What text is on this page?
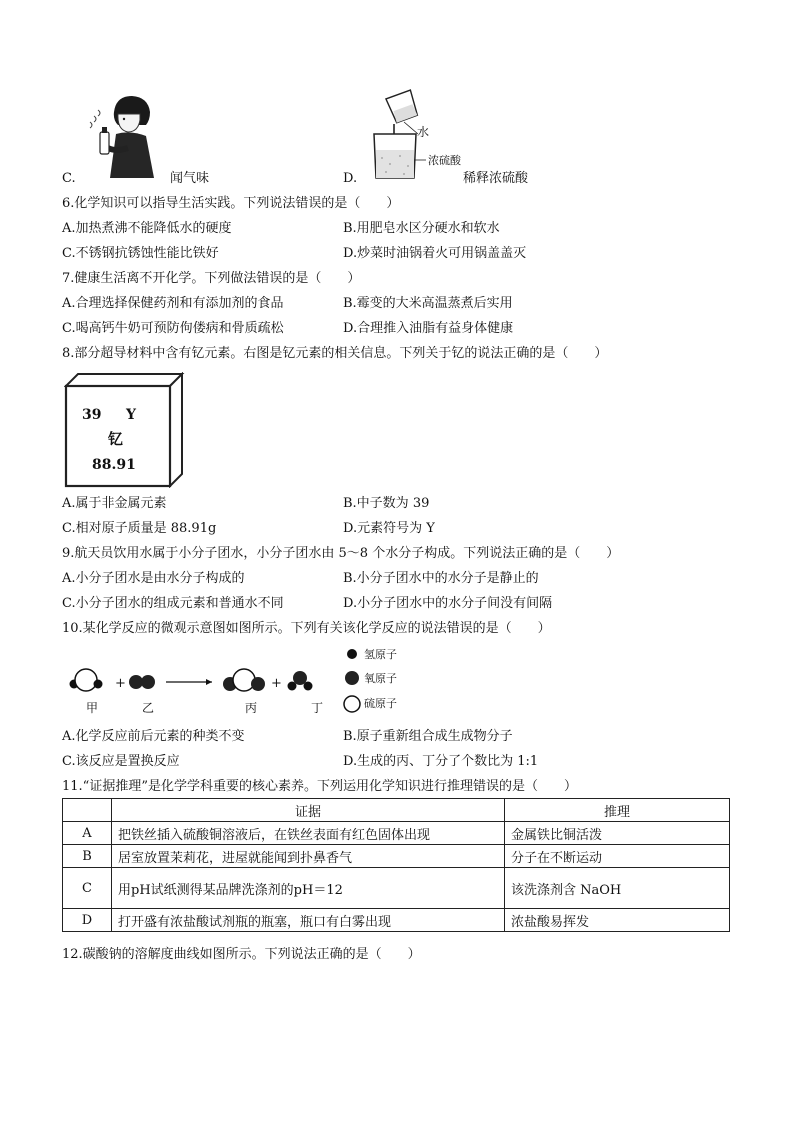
C.	闻气味
水
浓硫酸
D.	稀释浓硫酸
6.化学知识可以指导生活实践。下列说法错误的是（　　）
A.加热煮沸不能降低水的硬度	B.用肥皂水区分硬水和软水
C.不锈钢抗锈蚀性能比铁好	D.炒菜时油锅着火可用锅盖盖灭
7.健康生活离不开化学。下列做法错误的是（　　）
A.合理选择保健药剂和有添加剂的食品	B.霉变的大米高温蒸煮后实用
C.喝高钙牛奶可预防佝偻病和骨质疏松	D.合理推入油脂有益身体健康
8.部分超导材料中含有钇元素。右图是钇元素的相关信息。下列关于钇的说法正确的是（　　）
39 Y
钇
88.91
A.属于非金属元素	B.中子数为 39
C.相对原子质量是 88.91g	D.元素符号为 Y
9.航天员饮用水属于小分子团水，小分子团水由 5～8 个水分子构成。下列说法正确的是（　　）
A.小分子团水是由水分子构成的	B.小分子团水中的水分子是静止的
C.小分子团水的组成元素和普通水不同	D.小分子团水中的水分子间没有间隔
10.某化学反应的微观示意图如图所示。下列有关该化学反应的说法错误的是（　　）
+	+
甲	乙	丙	丁
氢原子
氧原子
硫原子
A.化学反应前后元素的种类不变	B.原子重新组合成生成物分子
C.该反应是置换反应	D.生成的丙、丁分了个数比为 1:1
11.“证据推理”是化学学科重要的核心素养。下列运用化学知识进行推理错误的是（　　）
	证据	推理
A	把铁丝插入硫酸铜溶液后，在铁丝表面有红色固体出现	金属铁比铜活泼
B	居室放置茉莉花，进屋就能闻到扑鼻香气	分子在不断运动
C	用pH试纸测得某品牌洗涤剂的pH＝12	该洗涤剂含 NaOH
D	打开盛有浓盐酸试剂瓶的瓶塞，瓶口有白雾出现	浓盐酸易挥发
12.碳酸钠的溶解度曲线如图所示。下列说法正确的是（　　）
